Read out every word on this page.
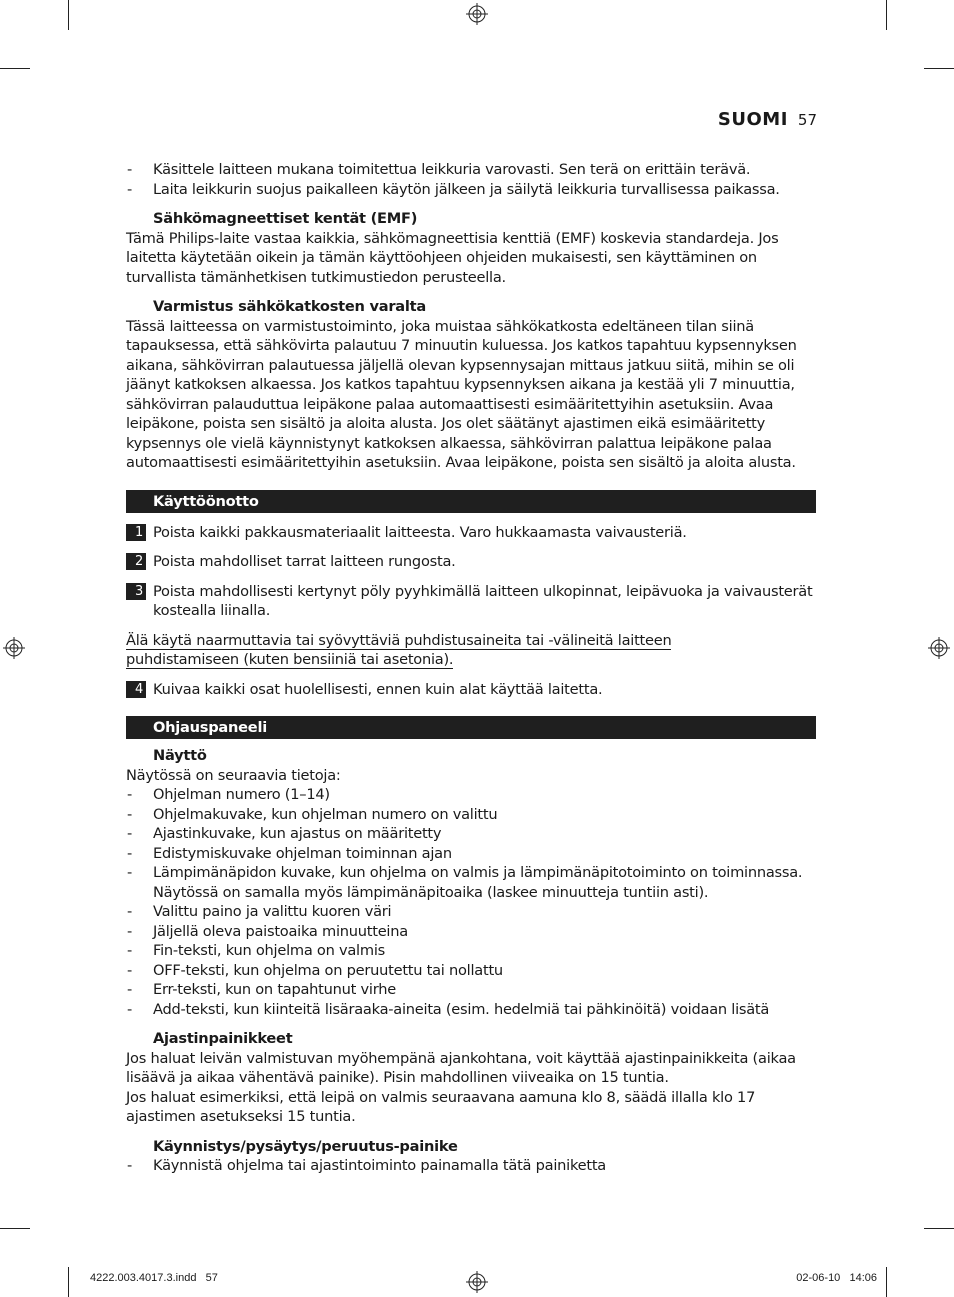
SUOMI 57
- Käsittele laitteen mukana toimitettua leikkuria varovasti. Sen terä on erittäin terävä.
- Laita leikkurin suojus paikalleen käytön jälkeen ja säilytä leikkuria turvallisessa paikassa.
Sähkömagneettiset kentät (EMF)

Tämä Philips-laite vastaa kaikkia, sähkömagneettisia kenttiä (EMF) koskevia standardeja. Jos laitetta käytetään oikein ja tämän käyttöohjeen ohjeiden mukaisesti, sen käyttäminen on turvallista tämänhetkisen tutkimustiedon perusteella.

Varmistus sähkökatkosten varalta

Tässä laitteessa on varmistustoiminto, joka muistaa sähkökatkosta edeltäneen tilan siinä tapauksessa, että sähkövirta palautuu 7 minuutin kuluessa. Jos katkos tapahtuu kypsennyksen aikana, sähkövirran palautuessa jäljellä olevan kypsennysajan mittaus jatkuu siitä, mihin se oli jäänyt katkoksen alkaessa. Jos katkos tapahtuu kypsennyksen aikana ja kestää yli 7 minuuttia, sähkövirran palauduttua leipäkone palaa automaattisesti esimääritettyihin asetuksiin. Avaa leipäkone, poista sen sisältö ja aloita alusta. Jos olet säätänyt ajastimen eikä esimääritetty kypsennys ole vielä käynnistynyt katkoksen alkaessa, sähkövirran palattua leipäkone palaa automaattisesti esimääritettyihin asetuksiin. Avaa leipäkone, poista sen sisältö ja aloita alusta.

Käyttöönotto
1 Poista kaikki pakkausmateriaalit laitteesta. Varo hukkaamasta vaivausteriä.
2 Poista mahdolliset tarrat laitteen rungosta.
3 Poista mahdollisesti kertynyt pöly pyyhkimällä laitteen ulkopinnat, leipävuoka ja vaivausterät kostealla liinalla.
Älä käytä naarmuttavia tai syövyttäviä puhdistusaineita tai -välineitä laitteen puhdistamiseen (kuten bensiiniä tai asetonia).
4 Kuivaa kaikki osat huolellisesti, ennen kuin alat käyttää laitetta.
Ohjauspaneeli
Näyttö

Näytössä on seuraavia tietoja:

- Ohjelman numero (1–14)
- Ohjelmakuvake, kun ohjelman numero on valittu
- Ajastinkuvake, kun ajastus on määritetty
- Edistymiskuvake ohjelman toiminnan ajan
- Lämpimänäpidon kuvake, kun ohjelma on valmis ja lämpimänäpitotoiminto on toiminnassa. Näytössä on samalla myös lämpimänäpitoaika (laskee minuutteja tuntiin asti).
- Valittu paino ja valittu kuoren väri
- Jäljellä oleva paistoaika minuutteina
- Fin-teksti, kun ohjelma on valmis
- OFF-teksti, kun ohjelma on peruutettu tai nollattu
- Err-teksti, kun on tapahtunut virhe
- Add-teksti, kun kiinteitä lisäraaka-aineita (esim. hedelmiä tai pähkinöitä) voidaan lisätä
Ajastinpainikkeet

Jos haluat leivän valmistuvan myöhempänä ajankohtana, voit käyttää ajastinpainikkeita (aikaa lisäävä ja aikaa vähentävä painike). Pisin mahdollinen viiveaika on 15 tuntia.

Jos haluat esimerkiksi, että leipä on valmis seuraavana aamuna klo 8, säädä illalla klo 17 ajastimen asetukseksi 15 tuntia.

Käynnistys/pysäytys/peruutus-painike
- Käynnistä ohjelma tai ajastintoiminto painamalla tätä painiketta
4222.003.4017.3.indd   57	02-06-10   14:06
